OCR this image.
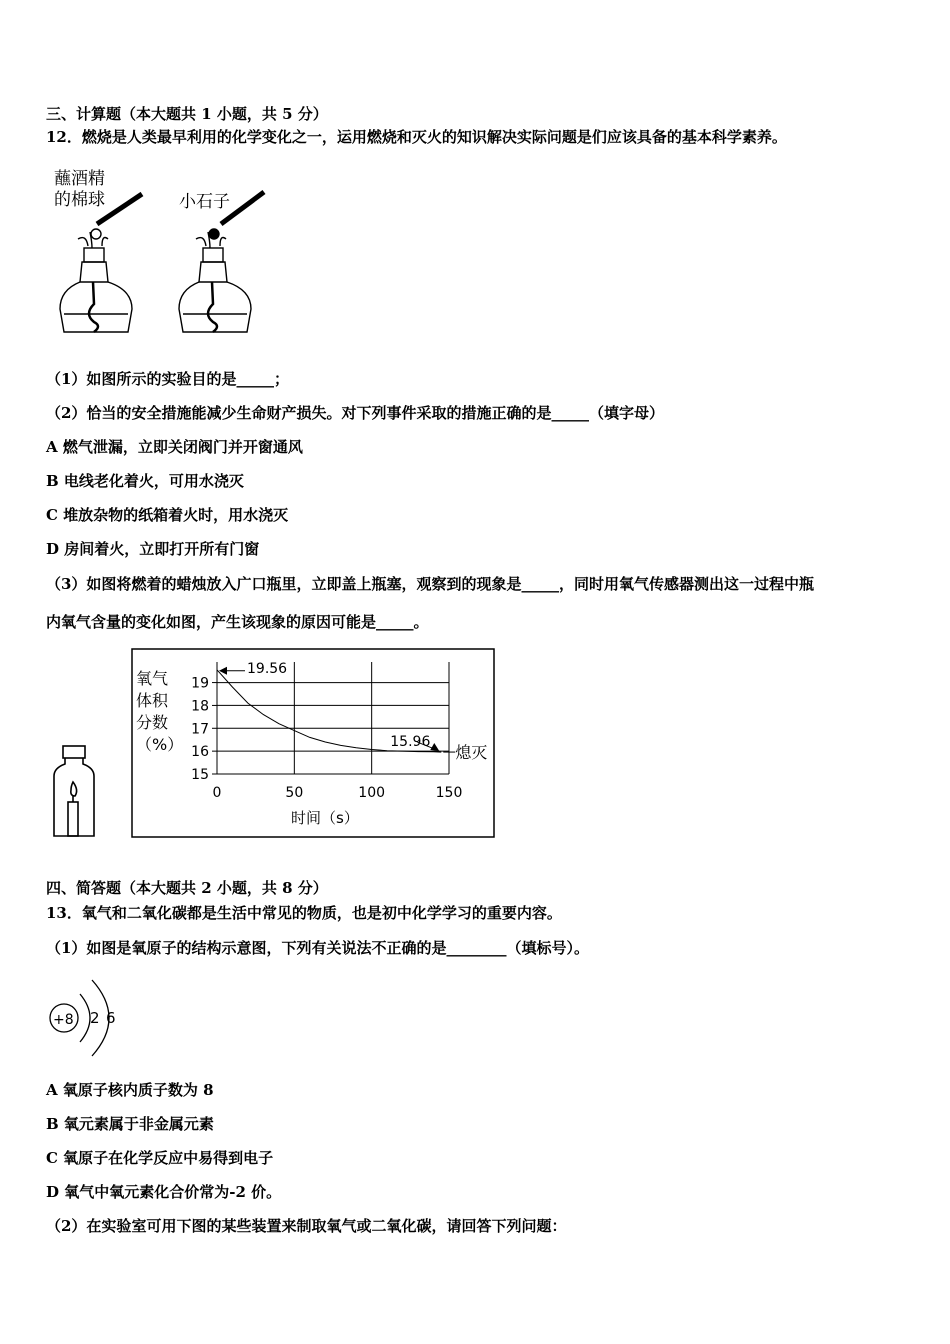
三、计算题（本大题共 1 小题，共 5 分）
12．燃烧是人类最早利用的化学变化之一，运用燃烧和灭火的知识解决实际问题是们应该具备的基本科学素养。
蘸酒精
的棉球	小石子
（1）如图所示的实验目的是_____；
（2）恰当的安全措施能减少生命财产损失。对下列事件采取的措施正确的是_____（填字母）
A 燃气泄漏，立即关闭阀门并开窗通风
B 电线老化着火，可用水浇灭
C 堆放杂物的纸箱着火时，用水浇灭
D 房间着火，立即打开所有门窗
（3）如图将燃着的蜡烛放入广口瓶里，立即盖上瓶塞，观察到的现象是_____，同时用氧气传感器测出这一过程中瓶
内氧气含量的变化如图，产生该现象的原因可能是_____。
氧气
体积
分数
（%）
15
16
17
18
19
0	50	100	150
19.56
15.96
熄灭
时间（s）
四、简答题（本大题共 2 小题，共 8 分）
13．氧气和二氧化碳都是生活中常见的物质，也是初中化学学习的重要内容。
（1）如图是氧原子的结构示意图，下列有关说法不正确的是________（填标号）。
+8 2 6
A 氧原子核内质子数为 8
B 氧元素属于非金属元素
C 氧原子在化学反应中易得到电子
D 氧气中氧元素化合价常为-2 价。
（2）在实验室可用下图的某些装置来制取氧气或二氧化碳，请回答下列问题：
